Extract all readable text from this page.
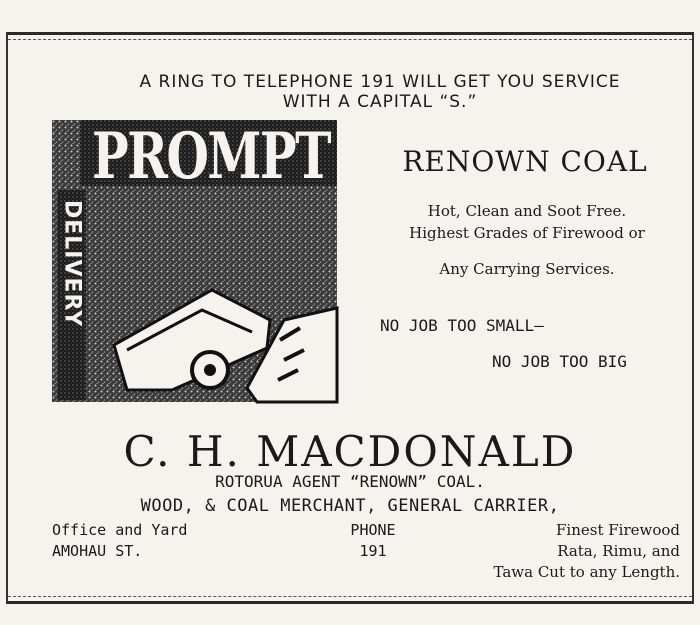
A RING TO TELEPHONE 191 WILL GET YOU SERVICE
WITH A CAPITAL “S.”
PROMPT
DELIVERY
RENOWN COAL
Hot, Clean and Soot Free.
Highest Grades of Firewood or
Any Carrying Services.
NO JOB TOO SMALL—
NO JOB TOO BIG
C. H. MACDONALD
ROTORUA AGENT “RENOWN” COAL.
WOOD, & COAL MERCHANT, GENERAL CARRIER,
Office and Yard
AMOHAU ST.
PHONE
191
Finest Firewood
Rata, Rimu, and
Tawa Cut to any Length.
